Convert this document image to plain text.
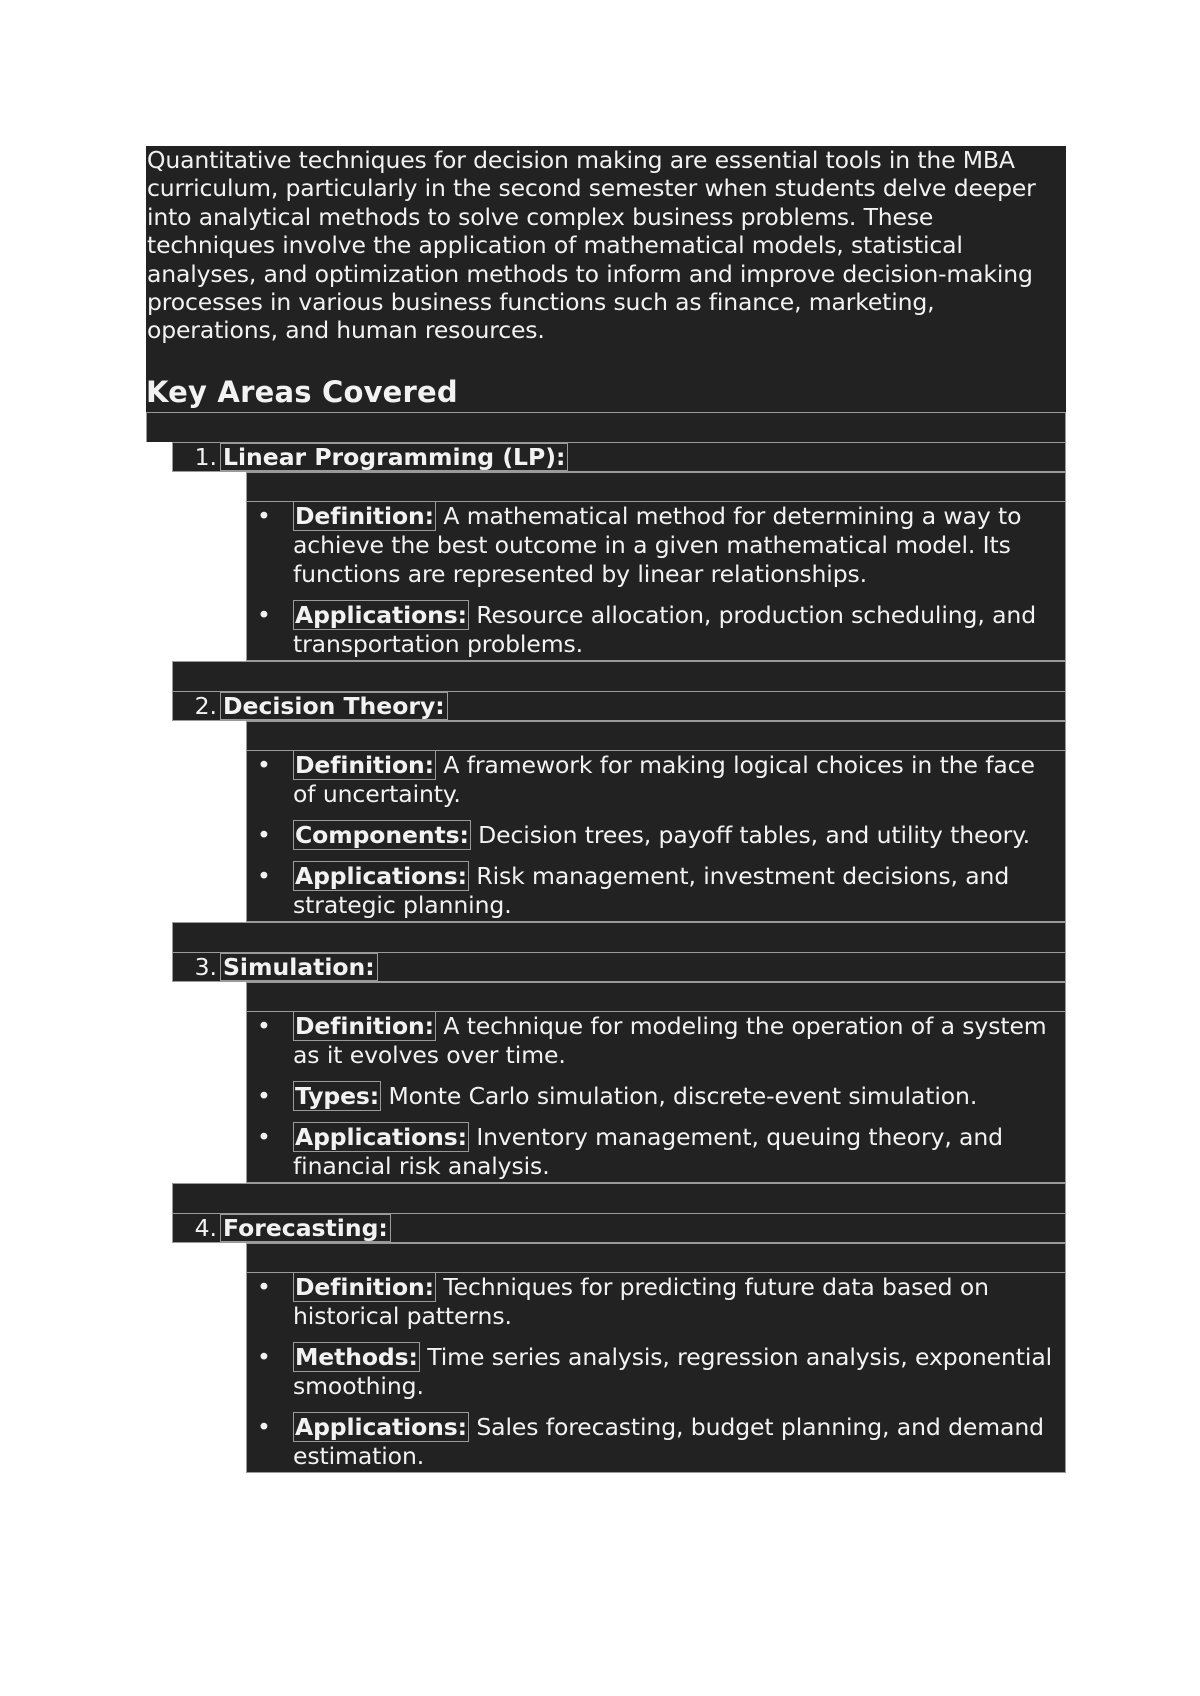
Quantitative techniques for decision making are essential tools in the MBA curriculum, particularly in the second semester when students delve deeper into analytical methods to solve complex business problems. These techniques involve the application of mathematical models, statistical analyses, and optimization methods to inform and improve decision-making processes in various business functions such as finance, marketing, operations, and human resources.

Key Areas Covered
1. Linear Programming (LP):
• Definition: A mathematical method for determining a way to achieve the best outcome in a given mathematical model. Its functions are represented by linear relationships.
• Applications: Resource allocation, production scheduling, and transportation problems.
2. Decision Theory:
• Definition: A framework for making logical choices in the face of uncertainty.
• Components: Decision trees, payoff tables, and utility theory.
• Applications: Risk management, investment decisions, and strategic planning.
3. Simulation:
• Definition: A technique for modeling the operation of a system as it evolves over time.
• Types: Monte Carlo simulation, discrete-event simulation.
• Applications: Inventory management, queuing theory, and financial risk analysis.
4. Forecasting:
• Definition: Techniques for predicting future data based on historical patterns.
• Methods: Time series analysis, regression analysis, exponential smoothing.
• Applications: Sales forecasting, budget planning, and demand estimation.
